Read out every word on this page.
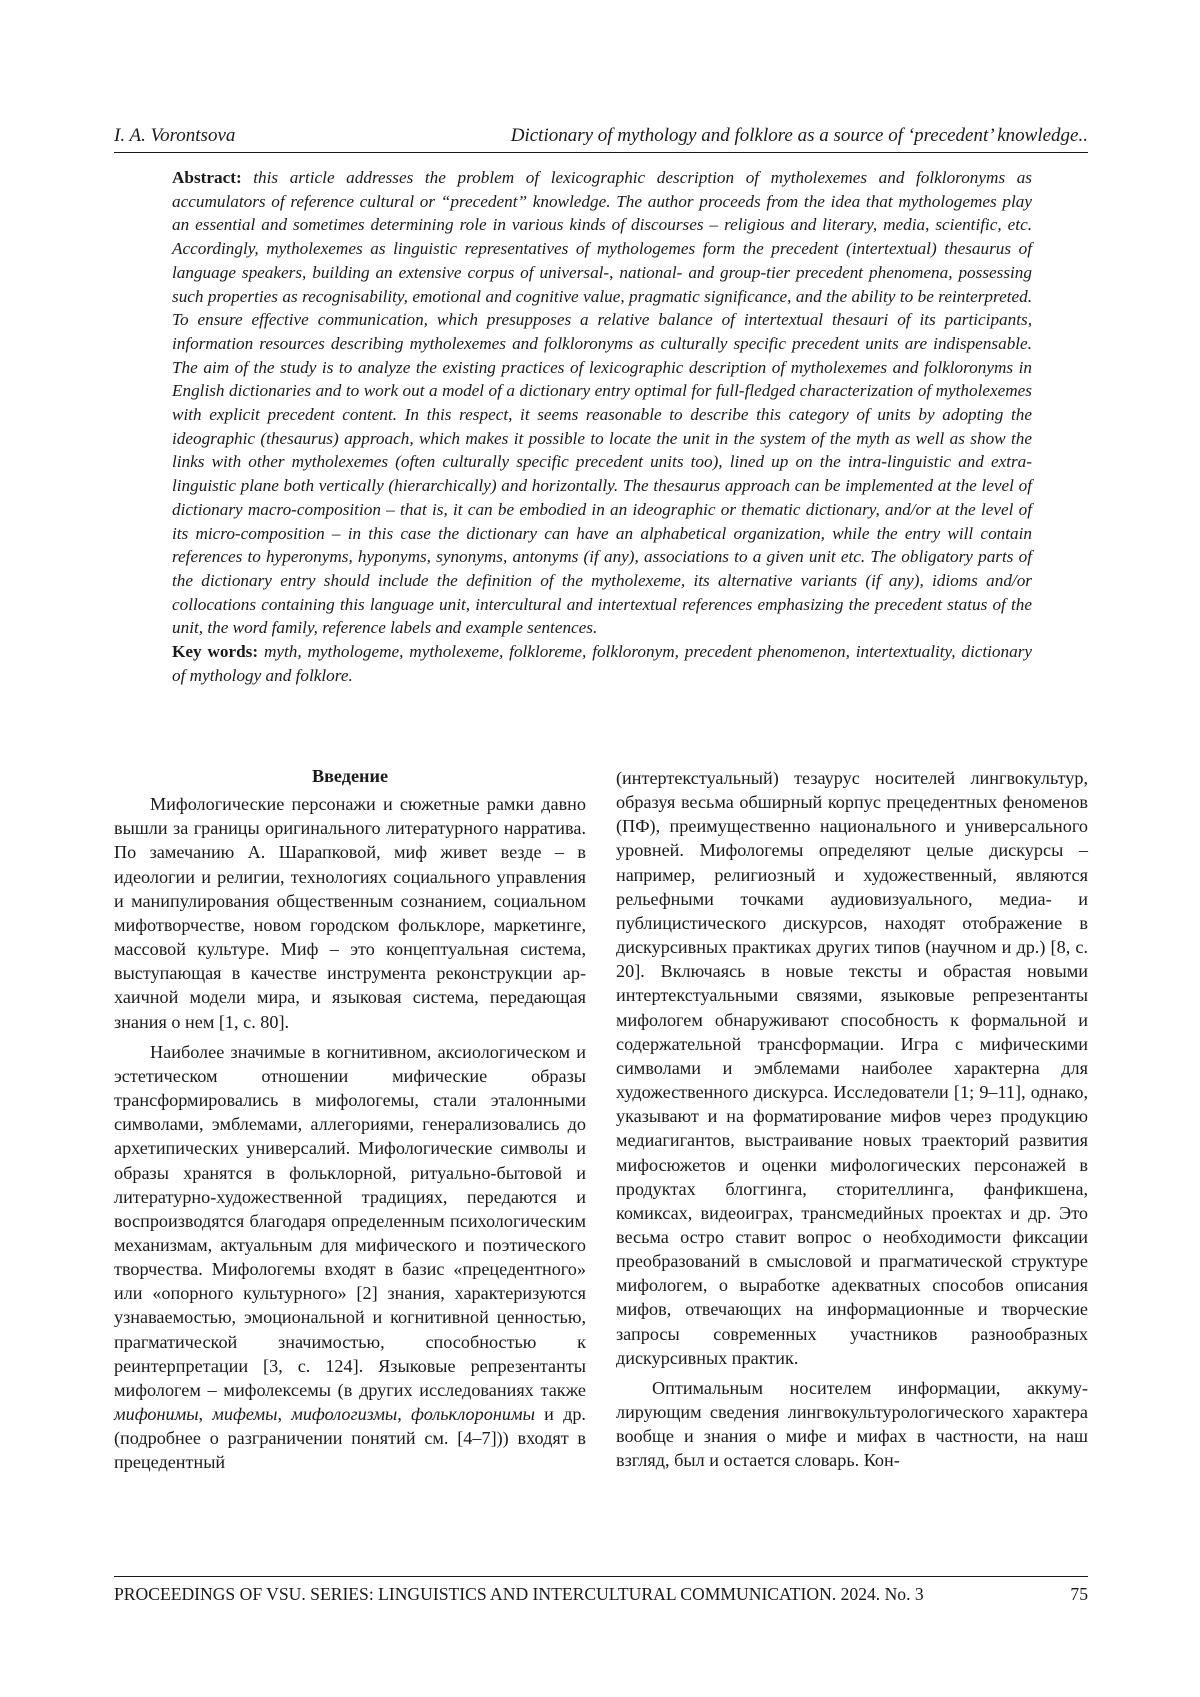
I. A. Vorontsova	Dictionary of mythology and folklore as a source of ‘precedent’ knowledge..

Abstract: this article addresses the problem of lexicographic description of mytholexemes and folkloronyms as accumulators of reference cultural or “precedent” knowledge. The author proceeds from the idea that mythologemes play an essential and sometimes determining role in various kinds of discourses – religious and literary, media, scientific, etc. Accordingly, mytholexemes as linguistic representatives of mythologemes form the precedent (intertextual) thesaurus of language speakers, building an extensive corpus of universal-, national- and group-tier precedent phenomena, possessing such properties as recognisability, emotional and cognitive value, pragmatic significance, and the ability to be reinterpreted. To ensure effective communication, which presupposes a relative balance of intertextual thesauri of its participants, information resources describing mytholexemes and folkloronyms as culturally specific precedent units are indispensable. The aim of the study is to analyze the existing practices of lexicographic description of mytholexemes and folkloronyms in English dictionaries and to work out a model of a dictionary entry optimal for full-fledged characterization of mytholexemes with explicit precedent content. In this respect, it seems reasonable to describe this category of units by adopting the ideographic (thesaurus) approach, which makes it possible to locate the unit in the system of the myth as well as show the links with other mytholexemes (often culturally specific precedent units too), lined up on the intra-linguistic and extra-linguistic plane both vertically (hierarchically) and horizontally. The thesaurus approach can be implemented at the level of dictionary macro-composition – that is, it can be embodied in an ideographic or thematic dictionary, and/or at the level of its micro-composition – in this case the dictionary can have an alphabetical organization, while the entry will contain references to hyperonyms, hyponyms, synonyms, antonyms (if any), associations to a given unit etc. The obligatory parts of the dictionary entry should include the definition of the mytholexeme, its alternative variants (if any), idioms and/or collocations containing this language unit, intercultural and intertextual references emphasizing the precedent status of the unit, the word family, reference labels and example sentences.

Key words: myth, mythologeme, mytholexeme, folkloreme, folkloronym, precedent phenomenon, intertextuality, dictionary of mythology and folklore.

Введение

Мифологические персонажи и сюжетные рамки давно вышли за границы оригинального литературного нарратива. По замечанию А. Шарапковой, миф живет везде – в идеологии и религии, технологиях социального управления и манипулирования общественным сознанием, социальном мифотворчестве, новом городском фольклоре, маркетинге, массовой культуре. Миф – это концептуальная система, выступающая в качестве инструмента реконструкции архаичной модели мира, и языковая система, передающая знания о нем [1, с. 80].

Наиболее значимые в когнитивном, аксиологическом и эстетическом отношении мифические образы трансформировались в мифологемы, стали эталонными символами, эмблемами, аллегориями, генерализовались до архетипических универсалий. Мифологические символы и образы хранятся в фольклорной, ритуально-бытовой и литературно-художественной традициях, передаются и воспроизводятся благодаря определенным психологическим механизмам, актуальным для мифического и поэтического творчества. Мифологемы входят в базис «прецедентного» или «опорного культурного» [2] знания, характеризуются узнаваемостью, эмоциональной и когнитивной ценностью, прагматической значимостью, способностью к реинтерпретации [3, с. 124]. Языковые репрезентанты мифологем – мифолексемы (в других исследованиях также мифонимы, мифемы, мифологизмы, фольклоронимы и др. (подробнее о разграничении понятий см. [4–7])) входят в прецедентный

(интертекстуальный) тезаурус носителей лингвокультур, образуя весьма обширный корпус прецедентных феноменов (ПФ), преимущественно национального и универсального уровней. Мифологемы определяют целые дискурсы – например, религиозный и художественный, являются рельефными точками аудиовизуального, медиа- и публицистического дискурсов, находят отображение в дискурсивных практиках других типов (научном и др.) [8, с. 20]. Включаясь в новые тексты и обрастая новыми интертекстуальными связями, языковые репрезентанты мифологем обнаруживают способность к формальной и содержательной трансформации. Игра с мифическими символами и эмблемами наиболее характерна для художественного дискурса. Исследователи [1; 9–11], однако, указывают и на форматирование мифов через продукцию медиагигантов, выстраивание новых траекторий развития мифосюжетов и оценки мифологических персонажей в продуктах блоггинга, сторителлинга, фанфикшена, комиксах, видеоиграх, трансмедийных проектах и др. Это весьма остро ставит вопрос о необходимости фиксации преобразований в смысловой и прагматической структуре мифологем, о выработке адекватных способов описания мифов, отвечающих на информационные и творческие запросы современных участников разнообразных дискурсивных практик.

Оптимальным носителем информации, аккумулирующим сведения лингвокультурологического характера вообще и знания о мифе и мифах в частности, на наш взгляд, был и остается словарь. Кон-

PROCEEDINGS OF VSU. SERIES: LINGUISTICS AND INTERCULTURAL COMMUNICATION. 2024. No. 3	75
